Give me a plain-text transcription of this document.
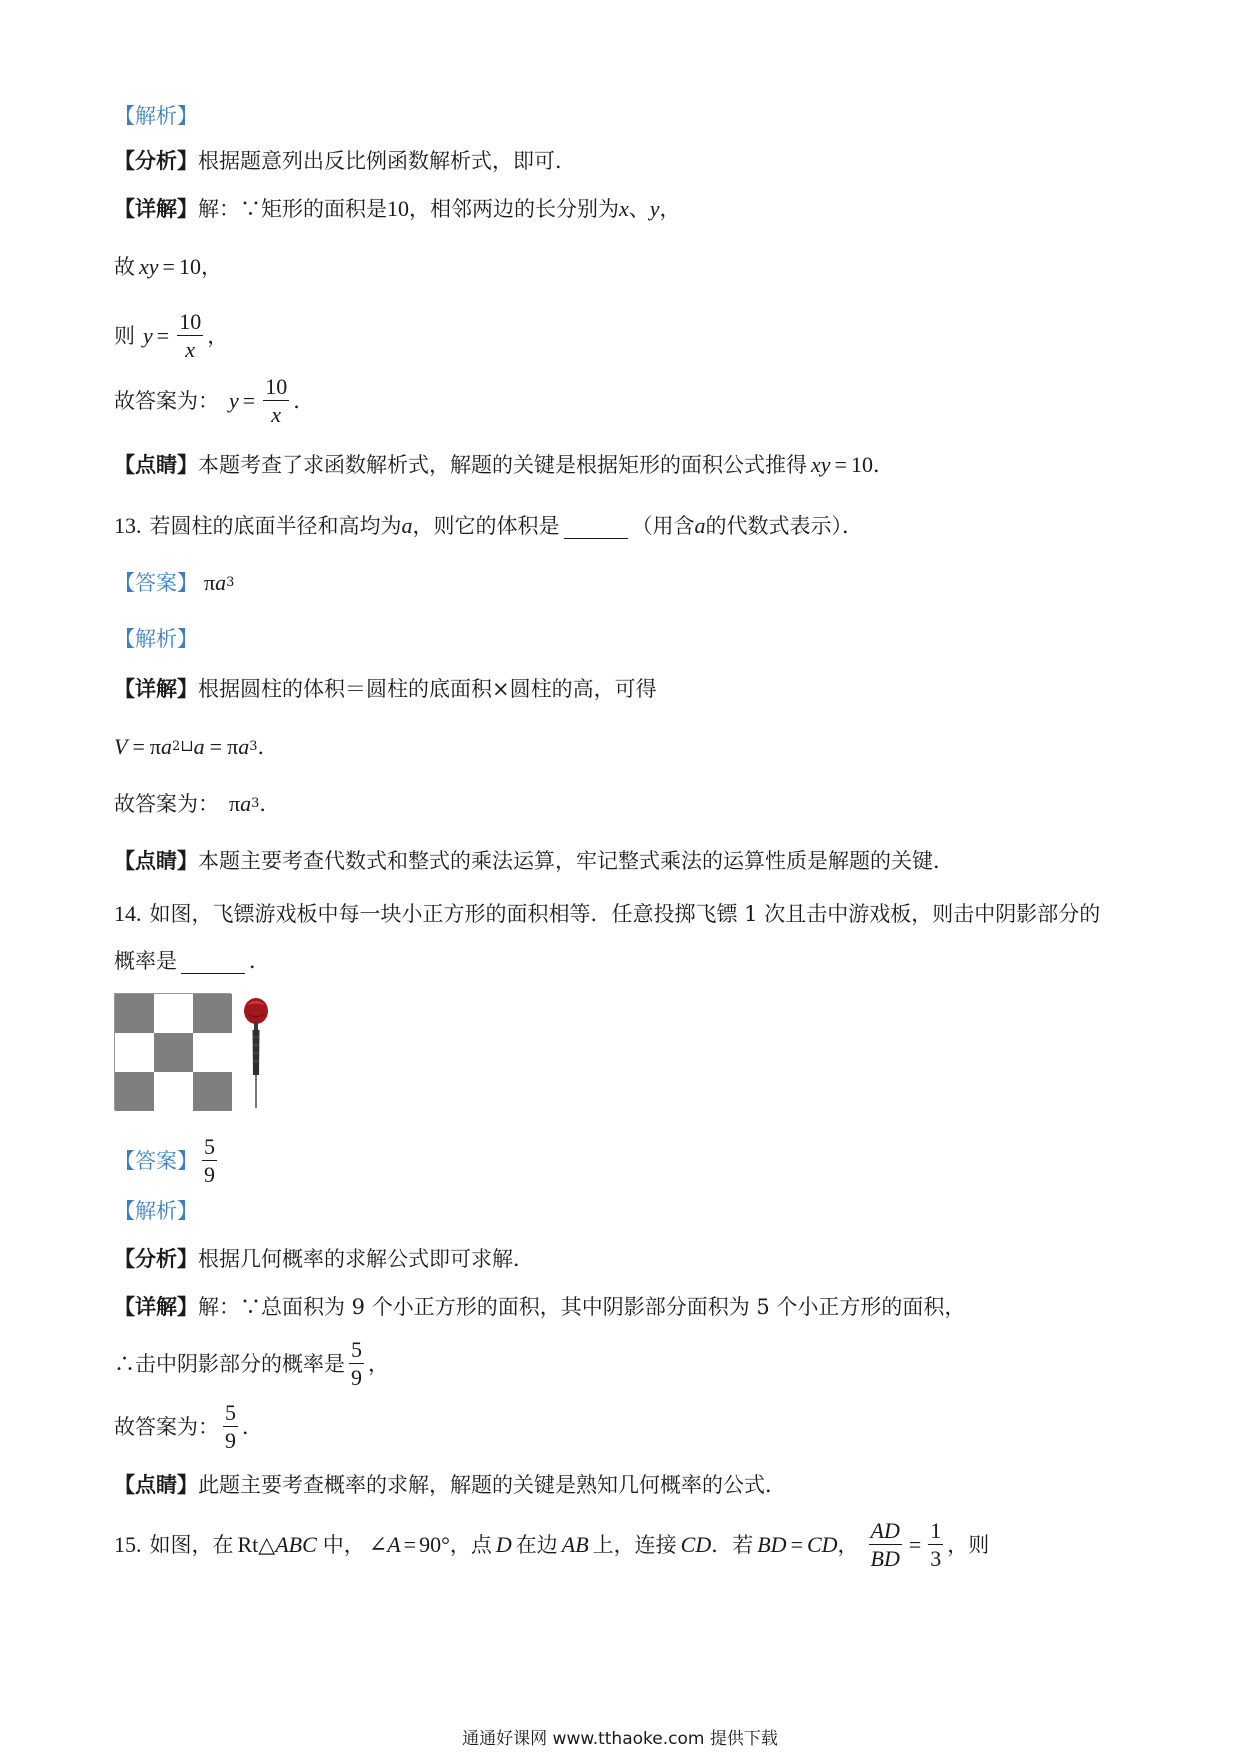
【解析】
【分析】 根据题意列出反比例函数解析式，即可．
【详解】 解：∵矩形的面积是 10 ，相邻两边的长分别为 x 、 y ，
故 xy = 10 ，
则 $y = \frac{10}{x}$ ，
故答案为： $y = \frac{10}{x}$ ．
【点睛】 本题考查了求函数解析式，解题的关键是根据矩形的面积公式推得 xy = 10 ．
13. 若圆柱的底面半径和高均为 a ，则它的体积是	（用含 a 的代数式表示）．
【答案】 π a 3
【解析】
【详解】 根据圆柱的体积＝圆柱的底面积×圆柱的高，可得
V = π a 2 ⊔ a = π a 3 ．
故答案为： π a 3 ．
【点睛】 本题主要考查代数式和整式的乘法运算，牢记整式乘法的运算性质是解题的关键．
14. 如图，飞镖游戏板中每一块小正方形的面积相等．任意投掷飞镖 1 次且击中游戏板，则击中阴影部分的
概率是	．
【答案】 $\frac{5}{9}$
【解析】
【分析】 根据几何概率的求解公式即可求解．
【详解】 解：∵总面积为 9 个小正方形的面积，其中阴影部分面积为 5 个小正方形的面积，
∴击中阴影部分的概率是 $\frac{5}{9}$ ，
故答案为： $\frac{5}{9}$ ．
【点睛】 此题主要考查概率的求解，解题的关键是熟知几何概率的公式．
15. 如图，在 Rt△ ABC 中， ∠A = 90° ，点 D 在边 AB 上，连接 CD ．若 BD = CD ， $\frac{AD}{BD} = \frac{1}{3}$ ，则
通通好课网 www.tthaoke.com 提供下载
